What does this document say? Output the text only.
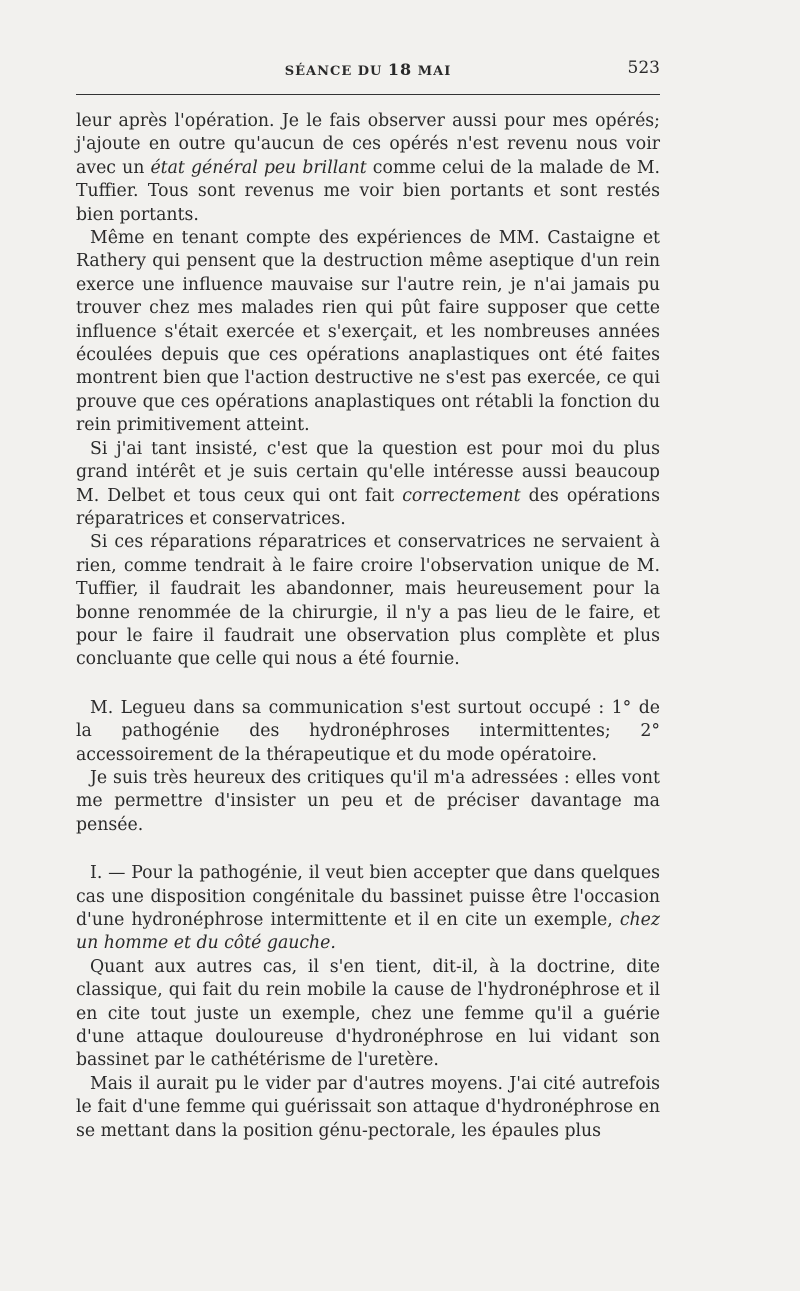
SÉANCE DU 18 MAI	523

leur après l'opération. Je le fais observer aussi pour mes opérés; j'ajoute en outre qu'aucun de ces opérés n'est revenu nous voir avec un état général peu brillant comme celui de la malade de M. Tuffier. Tous sont revenus me voir bien portants et sont restés bien portants.

Même en tenant compte des expériences de MM. Castaigne et Rathery qui pensent que la destruction même aseptique d'un rein exerce une influence mauvaise sur l'autre rein, je n'ai jamais pu trouver chez mes malades rien qui pût faire supposer que cette influence s'était exercée et s'exerçait, et les nombreuses années écoulées depuis que ces opérations anaplastiques ont été faites montrent bien que l'action destructive ne s'est pas exercée, ce qui prouve que ces opérations anaplastiques ont rétabli la fonction du rein primitivement atteint.

Si j'ai tant insisté, c'est que la question est pour moi du plus grand intérêt et je suis certain qu'elle intéresse aussi beaucoup M. Delbet et tous ceux qui ont fait correctement des opérations réparatrices et conservatrices.

Si ces réparations réparatrices et conservatrices ne servaient à rien, comme tendrait à le faire croire l'observation unique de M. Tuffier, il faudrait les abandonner, mais heureusement pour la bonne renommée de la chirurgie, il n'y a pas lieu de le faire, et pour le faire il faudrait une observation plus complète et plus concluante que celle qui nous a été fournie.

M. Legueu dans sa communication s'est surtout occupé : 1° de la pathogénie des hydronéphroses intermittentes; 2° accessoirement de la thérapeutique et du mode opératoire.

Je suis très heureux des critiques qu'il m'a adressées : elles vont me permettre d'insister un peu et de préciser davantage ma pensée.

I. — Pour la pathogénie, il veut bien accepter que dans quelques cas une disposition congénitale du bassinet puisse être l'occasion d'une hydronéphrose intermittente et il en cite un exemple, chez un homme et du côté gauche.

Quant aux autres cas, il s'en tient, dit-il, à la doctrine, dite classique, qui fait du rein mobile la cause de l'hydronéphrose et il en cite tout juste un exemple, chez une femme qu'il a guérie d'une attaque douloureuse d'hydronéphrose en lui vidant son bassinet par le cathétérisme de l'uretère.

Mais il aurait pu le vider par d'autres moyens. J'ai cité autrefois le fait d'une femme qui guérissait son attaque d'hydronéphrose en se mettant dans la position génu-pectorale, les épaules plus
